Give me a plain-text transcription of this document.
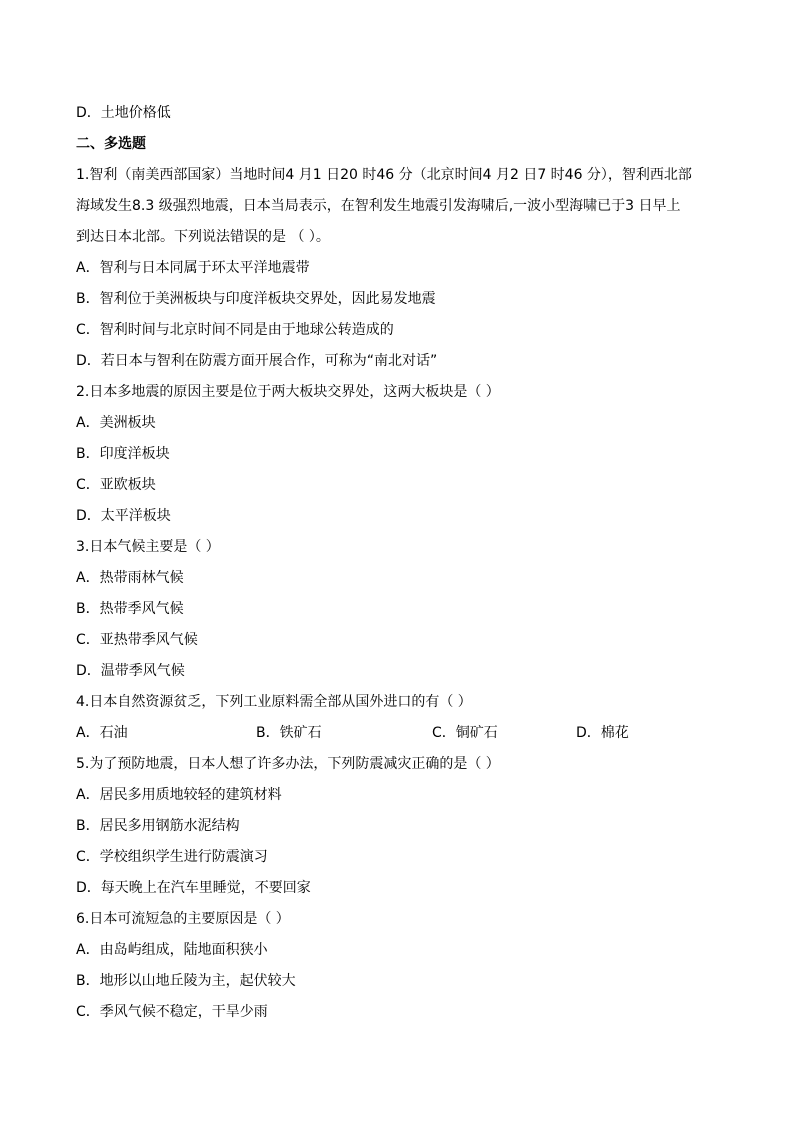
D．土地价格低
二、多选题
1.智利（南美西部国家）当地时间4 月1 日20 时46 分（北京时间4 月2 日7 时46 分），智利西北部
海域发生8.3 级强烈地震，日本当局表示，在智利发生地震引发海啸后,一波小型海啸已于3 日早上
到达日本北部。下列说法错误的是 （ ）。
A．智利与日本同属于环太平洋地震带
B．智利位于美洲板块与印度洋板块交界处，因此易发地震
C．智利时间与北京时间不同是由于地球公转造成的
D．若日本与智利在防震方面开展合作，可称为“南北对话”
2.日本多地震的原因主要是位于两大板块交界处，这两大板块是（ ）
A．美洲板块
B．印度洋板块
C．亚欧板块
D．太平洋板块
3.日本气候主要是（ ）
A．热带雨林气候
B．热带季风气候
C．亚热带季风气候
D．温带季风气候
4.日本自然资源贫乏，下列工业原料需全部从国外进口的有（ ）
A．石油	B．铁矿石	C．铜矿石	D．棉花
5.为了预防地震，日本人想了许多办法，下列防震减灾正确的是（ ）
A．居民多用质地较轻的建筑材料
B．居民多用钢筋水泥结构
C．学校组织学生进行防震演习
D．每天晚上在汽车里睡觉，不要回家
6.日本可流短急的主要原因是（ ）
A．由岛屿组成，陆地面积狭小
B．地形以山地丘陵为主，起伏较大
C．季风气候不稳定，干旱少雨
